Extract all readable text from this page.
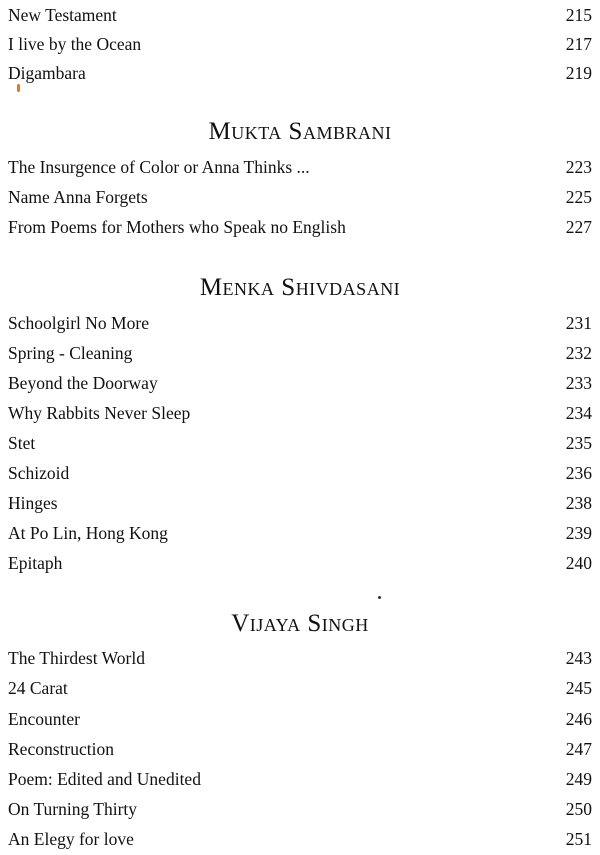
New Testament	215
I live by the Ocean	217
Digambara	219
Mukta Sambrani
The Insurgence of Color or Anna Thinks ...	223
Name Anna Forgets	225
From Poems for Mothers who Speak no English	227
Menka Shivdasani
Schoolgirl No More	231
Spring - Cleaning	232
Beyond the Doorway	233
Why Rabbits Never Sleep	234
Stet	235
Schizoid	236
Hinges	238
At Po Lin, Hong Kong	239
Epitaph	240
Vijaya Singh
The Thirdest World	243
24 Carat	245
Encounter	246
Reconstruction	247
Poem: Edited and Unedited	249
On Turning Thirty	250
An Elegy for love	251
